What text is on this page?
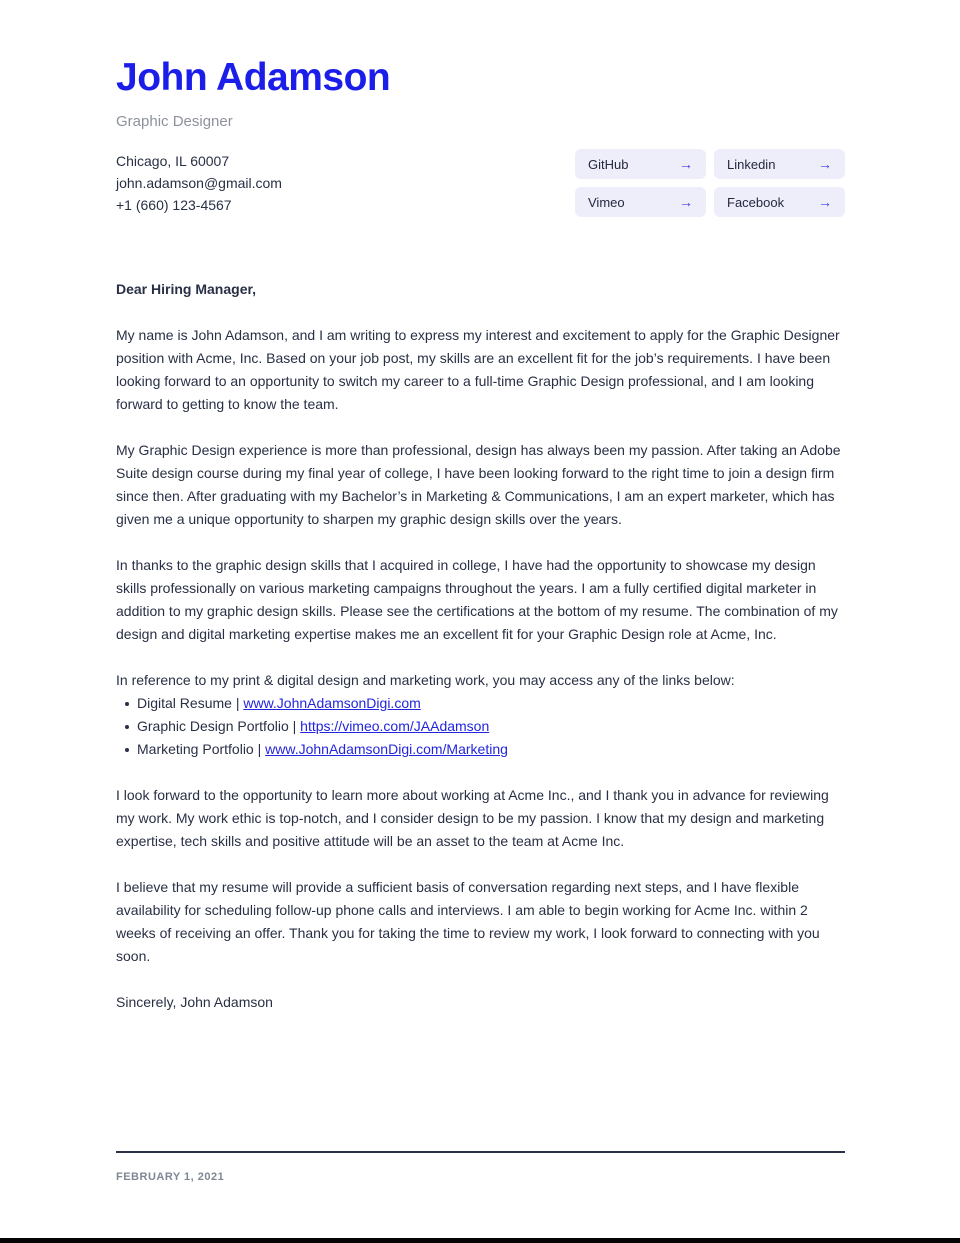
John Adamson
Graphic Designer
Chicago, IL 60007
john.adamson@gmail.com
+1 (660) 123-4567
GitHub	→	Linkedin	→
Vimeo	→	Facebook →

Dear Hiring Manager,

My name is John Adamson, and I am writing to express my interest and excitement to apply for the Graphic Designer position with Acme, Inc. Based on your job post, my skills are an excellent fit for the job’s requirements. I have been looking forward to an opportunity to switch my career to a full-time Graphic Design professional, and I am looking forward to getting to know the team.

My Graphic Design experience is more than professional, design has always been my passion. After taking an Adobe Suite design course during my final year of college, I have been looking forward to the right time to join a design firm since then. After graduating with my Bachelor’s in Marketing & Communications, I am an expert marketer, which has given me a unique opportunity to sharpen my graphic design skills over the years.

In thanks to the graphic design skills that I acquired in college, I have had the opportunity to showcase my design skills professionally on various marketing campaigns throughout the years. I am a fully certified digital marketer in addition to my graphic design skills. Please see the certifications at the bottom of my resume. The combination of my design and digital marketing expertise makes me an excellent fit for your Graphic Design role at Acme, Inc.

In reference to my print & digital design and marketing work, you may access any of the links below:

Digital Resume | www.JohnAdamsonDigi.com
Graphic Design Portfolio | https://vimeo.com/JAAdamson
Marketing Portfolio | www.JohnAdamsonDigi.com/Marketing

I look forward to the opportunity to learn more about working at Acme Inc., and I thank you in advance for reviewing my work. My work ethic is top-notch, and I consider design to be my passion. I know that my design and marketing expertise, tech skills and positive attitude will be an asset to the team at Acme Inc.

I believe that my resume will provide a sufficient basis of conversation regarding next steps, and I have flexible availability for scheduling follow-up phone calls and interviews. I am able to begin working for Acme Inc. within 2 weeks of receiving an offer. Thank you for taking the time to review my work, I look forward to connecting with you soon.

Sincerely, John Adamson

FEBRUARY 1, 2021
